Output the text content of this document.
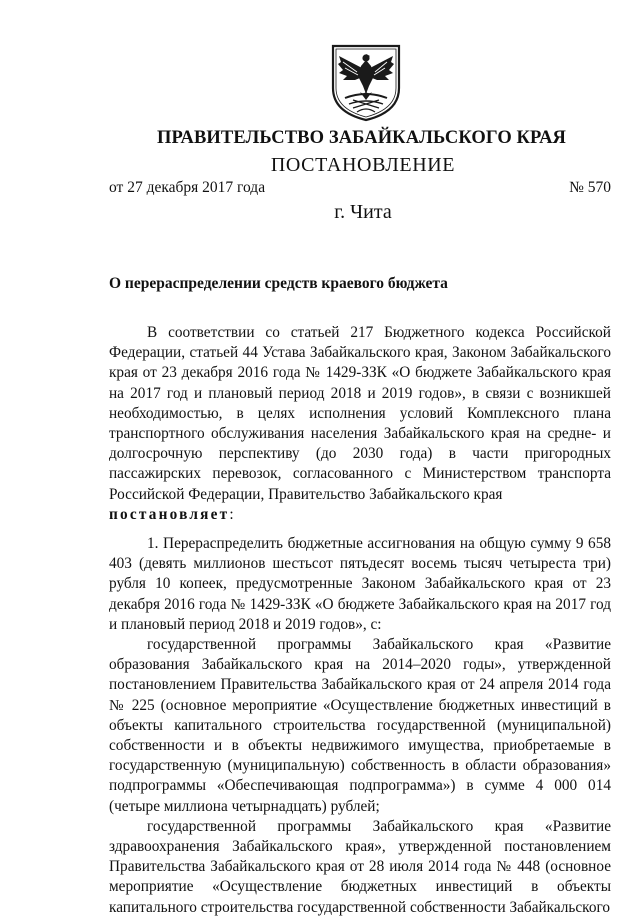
ПРАВИТЕЛЬСТВО ЗАБАЙКАЛЬСКОГО КРАЯ
ПОСТАНОВЛЕНИЕ
от 27 декабря 2017 года	№ 570
г. Чита
О перераспределении средств краевого бюджета

В соответствии со статьей 217 Бюджетного кодекса Российской Федерации, статьей 44 Устава Забайкальского края, Законом Забайкальского края от 23 декабря 2016 года № 1429-ЗЗК «О бюджете Забайкальского края на 2017 год и плановый период 2018 и 2019 годов», в связи с возникшей необходимостью, в целях исполнения условий Комплексного плана транспортного обслуживания населения Забайкальского края на средне- и долгосрочную перспективу (до 2030 года) в части пригородных пассажирских перевозок, согласованного с Министерством транспорта Российской Федерации, Правительство Забайкальского края
постановляет:

1. Перераспределить бюджетные ассигнования на общую сумму 9 658 403 (девять миллионов шестьсот пятьдесят восемь тысяч четыреста три) рубля 10 копеек, предусмотренные Законом Забайкальского края от 23 декабря 2016 года № 1429-ЗЗК «О бюджете Забайкальского края на 2017 год и плановый период 2018 и 2019 годов», с:

государственной программы Забайкальского края «Развитие образования Забайкальского края на 2014–2020 годы», утвержденной постановлением Правительства Забайкальского края от 24 апреля 2014 года № 225 (основное мероприятие «Осуществление бюджетных инвестиций в объекты капитального строительства государственной (муниципальной) собственности и в объекты недвижимого имущества, приобретаемые в государственную (муниципальную) собственность в области образования» подпрограммы «Обеспечивающая подпрограмма») в сумме 4 000 014 (четыре миллиона четырнадцать) рублей;

государственной программы Забайкальского края «Развитие здравоохранения Забайкальского края», утвержденной постановлением Правительства Забайкальского края от 28 июля 2014 года № 448 (основное мероприятие «Осуществление бюджетных инвестиций в объекты капитального строительства государственной собственности Забайкальского
